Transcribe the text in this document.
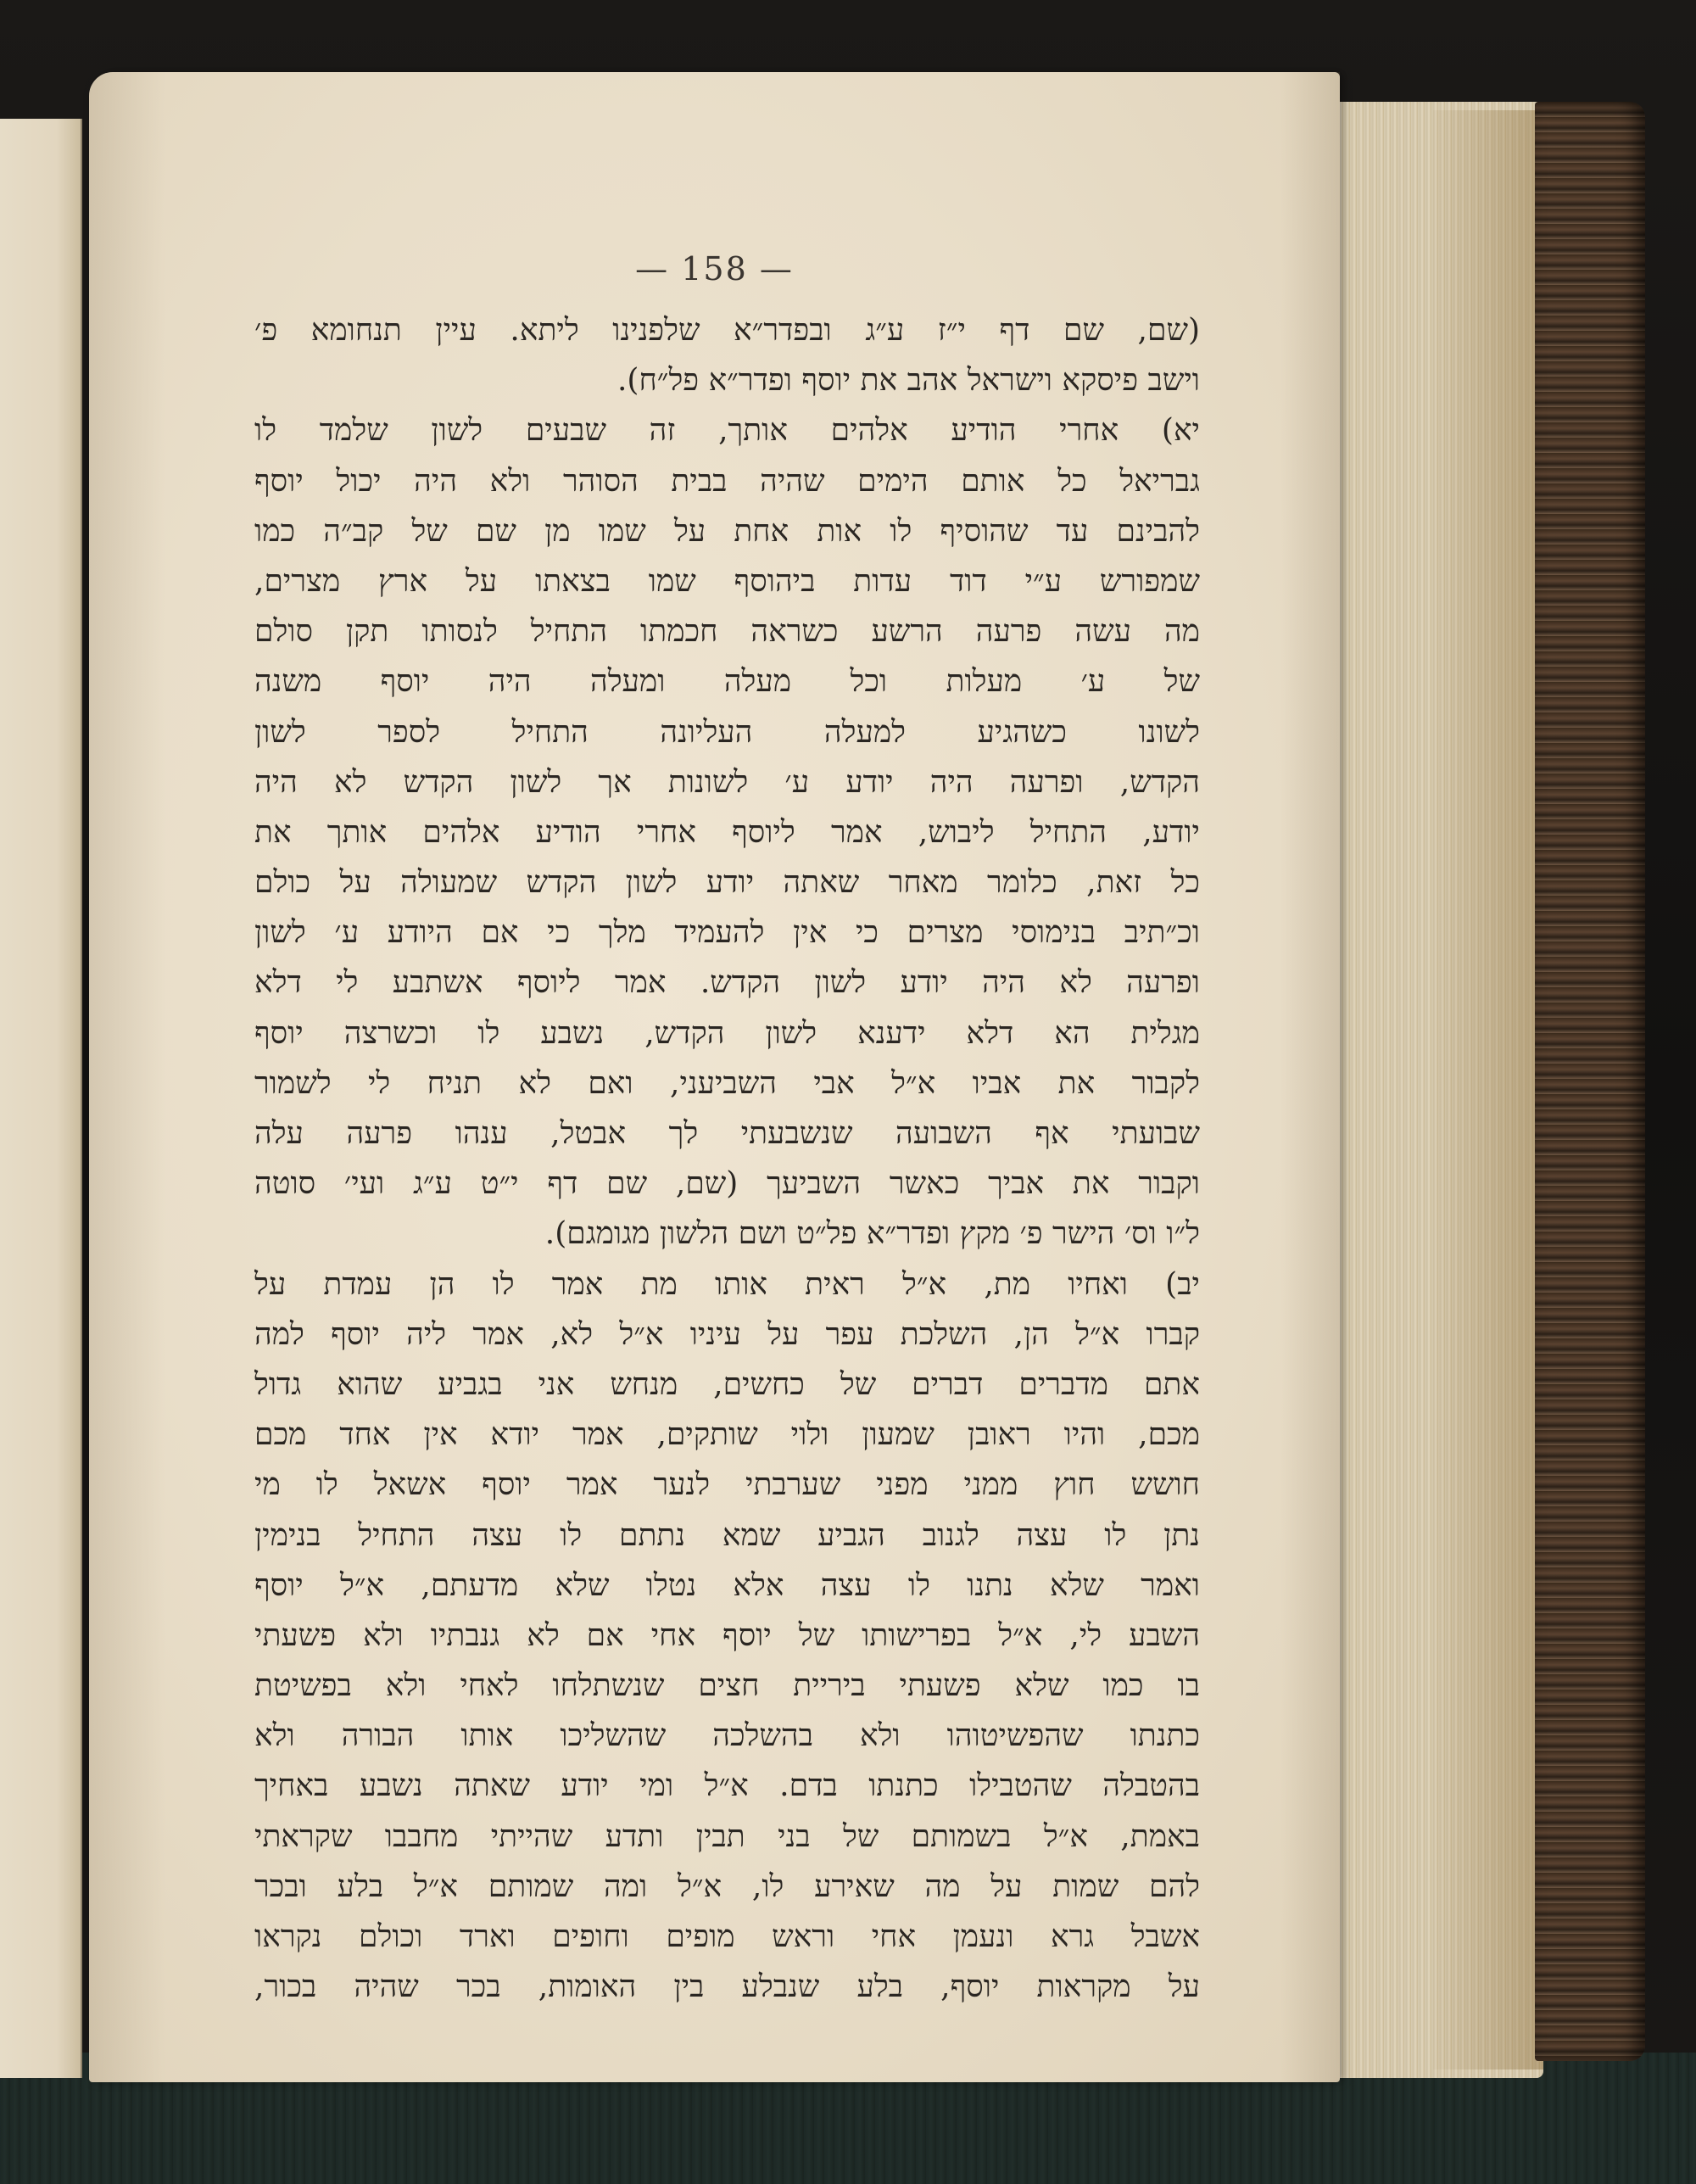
— 158 —
(שם, שם דף י״ז ע״ג ובפדר״א שלפנינו ליתא. עיין תנחומא פ׳
וישב פיסקא וישראל אהב את יוסף ופדר״א פל״ח).
יא) אחרי הודיע אלהים אותך, זה שבעים לשון שלמד לו
גבריאל כל אותם הימים שהיה בבית הסוהר ולא היה יכול יוסף
להבינם עד שהוסיף לו אות אחת על שמו מן שם של קב״ה כמו
שמפורש ע״י דוד עדות ביהוסף שמו בצאתו על ארץ מצרים,
מה עשה פרעה הרשע כשראה חכמתו התחיל לנסותו תקן סולם
של ע׳ מעלות וכל מעלה ומעלה היה יוסף משנה
לשונו כשהגיע למעלה העליונה התחיל לספר לשון
הקדש, ופרעה היה יודע ע׳ לשונות אך לשון הקדש לא היה
יודע, התחיל ליבוש, אמר ליוסף אחרי הודיע אלהים אותך את
כל זאת, כלומר מאחר שאתה יודע לשון הקדש שמעולה על כולם
וכ״תיב בנימוסי מצרים כי אין להעמיד מלך כי אם היודע ע׳ לשון
ופרעה לא היה יודע לשון הקדש. אמר ליוסף אשתבע לי דלא
מגלית הא דלא ידענא לשון הקדש, נשבע לו וכשרצה יוסף
לקבור את אביו א״ל אבי השביעני, ואם לא תניח לי לשמור
שבועתי אף השבועה שנשבעתי לך אבטל, ענהו פרעה עלה
וקבור את אביך כאשר השביעך (שם, שם דף י״ט ע״ג ועי׳ סוטה
ל״ו וס׳ הישר פ׳ מקץ ופדר״א פל״ט ושם הלשון מגומגם).
יב) ואחיו מת, א״ל ראית אותו מת אמר לו הן עמדת על
קברו א״ל הן, השלכת עפר על עיניו א״ל לא, אמר ליה יוסף למה
אתם מדברים דברים של כחשים, מנחש אני בגביע שהוא גדול
מכם, והיו ראובן שמעון ולוי שותקים, אמר יודא אין אחד מכם
חושש חוץ ממני מפני שערבתי לנער אמר יוסף אשאל לו מי
נתן לו עצה לגנוב הגביע שמא נתתם לו עצה התחיל בנימין
ואמר שלא נתנו לו עצה אלא נטלו שלא מדעתם, א״ל יוסף
השבע לי, א״ל בפרישותו של יוסף אחי אם לא גנבתיו ולא פשעתי
בו כמו שלא פשעתי ביריית חצים שנשתלחו לאחי ולא בפשיטת
כתנתו שהפשיטוהו ולא בהשלכה שהשליכו אותו הבורה ולא
בהטבלה שהטבילו כתנתו בדם. א״ל ומי יודע שאתה נשבע באחיך
באמת, א״ל בשמותם של בני תבין ותדע שהייתי מחבבו שקראתי
להם שמות על מה שאירע לו, א״ל ומה שמותם א״ל בלע ובכר
אשבל גרא ונעמן אחי וראש מופים וחופים וארד וכולם נקראו
על מקראות יוסף, בלע שנבלע בין האומות, בכר שהיה בכור,
